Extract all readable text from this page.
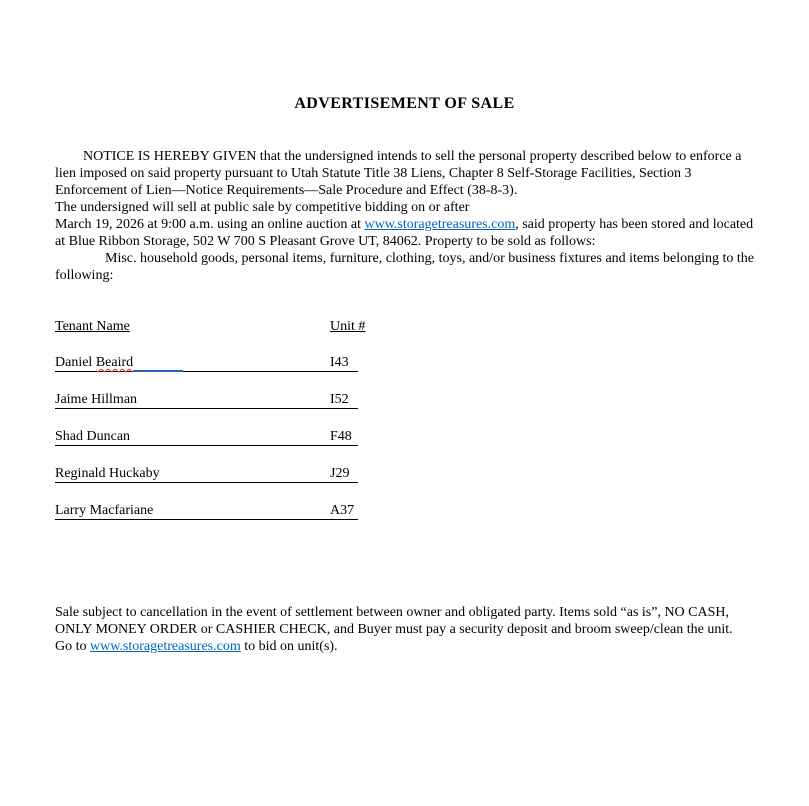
ADVERTISEMENT OF SALE

NOTICE IS HEREBY GIVEN that the undersigned intends to sell the personal property described below to enforce a lien imposed on said property pursuant to Utah Statute Title 38 Liens, Chapter 8 Self-Storage Facilities, Section 3 Enforcement of Lien—Notice Requirements—Sale Procedure and Effect (38-8-3).

The undersigned will sell at public sale by competitive bidding on or after
March 19, 2026 at 9:00 a.m. using an online auction at www.storagetreasures.com, said property has been stored and located at Blue Ribbon Storage, 502 W 700 S Pleasant Grove UT, 84062. Property to be sold as follows:

Misc. household goods, personal items, furniture, clothing, toys, and/or business fixtures and items belonging to the following:

Tenant Name	Unit #
Daniel Beaird	I43
Jaime Hillman	I52
Shad Duncan	F48
Reginald Huckaby	J29
Larry Macfariane	A37

Sale subject to cancellation in the event of settlement between owner and obligated party. Items sold “as is”, NO CASH, ONLY MONEY ORDER or CASHIER CHECK, and Buyer must pay a security deposit and broom sweep/clean the unit.

Go to www.storagetreasures.com to bid on unit(s).
